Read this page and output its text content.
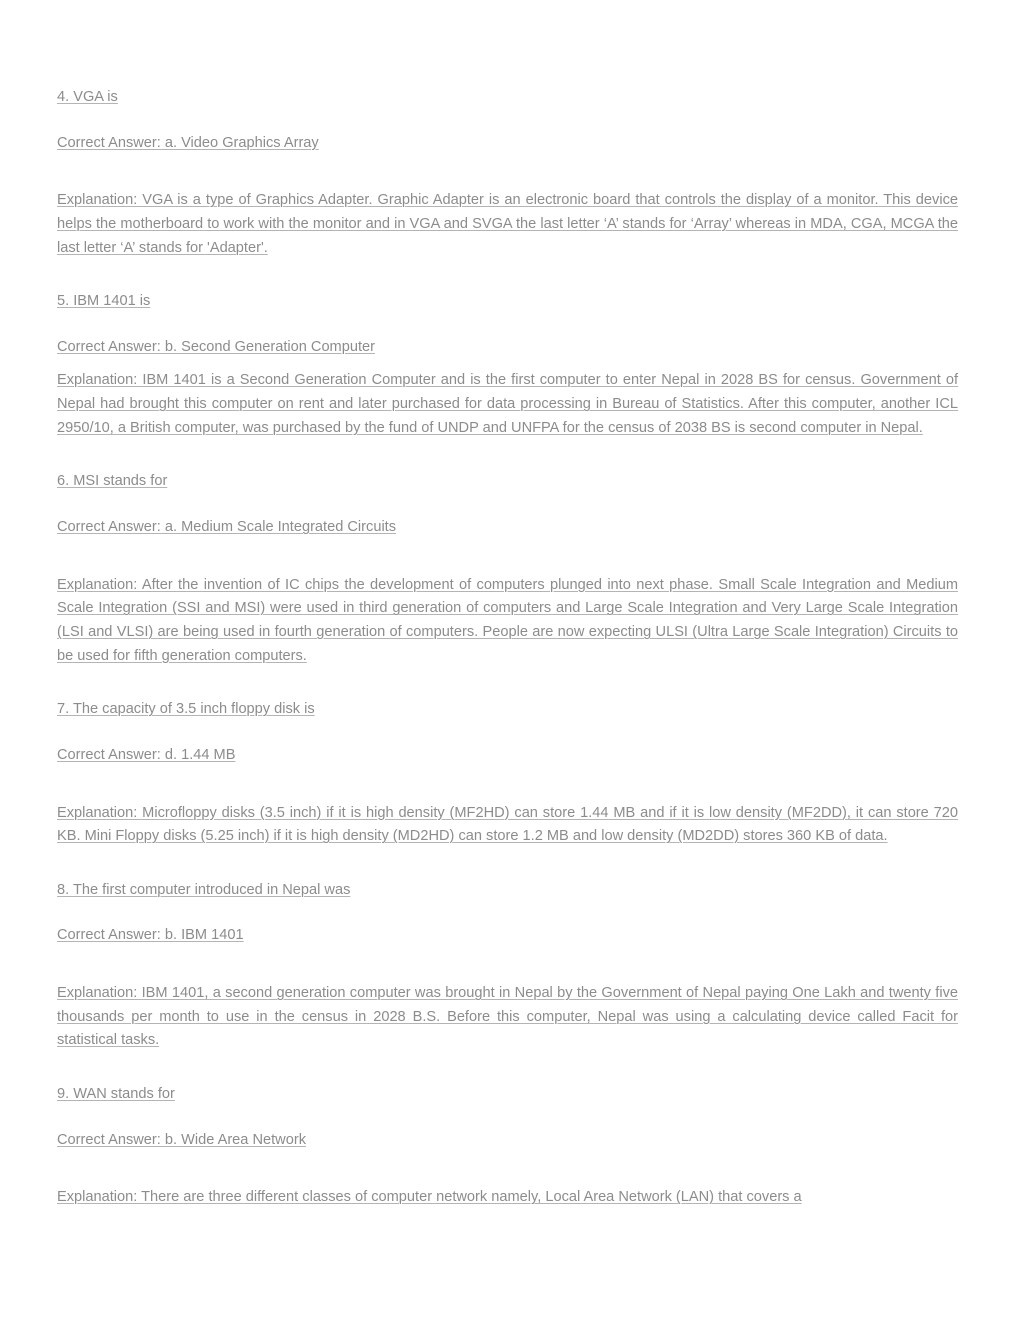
4. VGA is

Correct Answer: a. Video Graphics Array

Explanation: VGA is a type of Graphics Adapter. Graphic Adapter is an electronic board that controls the display of a monitor. This device helps the motherboard to work with the monitor and in VGA and SVGA the last letter ‘A’ stands for ‘Array’ whereas in MDA, CGA, MCGA the last letter ‘A’ stands for 'Adapter'.

5. IBM 1401 is

Correct Answer: b. Second Generation Computer

Explanation: IBM 1401 is a Second Generation Computer and is the first computer to enter Nepal in 2028 BS for census. Government of Nepal had brought this computer on rent and later purchased for data processing in Bureau of Statistics. After this computer, another ICL 2950/10, a British computer, was purchased by the fund of UNDP and UNFPA for the census of 2038 BS is second computer in Nepal.

6. MSI stands for

Correct Answer: a. Medium Scale Integrated Circuits

Explanation: After the invention of IC chips the development of computers plunged into next phase. Small Scale Integration and Medium Scale Integration (SSI and MSI) were used in third generation of computers and Large Scale Integration and Very Large Scale Integration (LSI and VLSI) are being used in fourth generation of computers. People are now expecting ULSI (Ultra Large Scale Integration) Circuits to be used for fifth generation computers.

7. The capacity of 3.5 inch floppy disk is

Correct Answer: d. 1.44 MB

Explanation: Microfloppy disks (3.5 inch) if it is high density (MF2HD) can store 1.44 MB and if it is low density (MF2DD), it can store 720 KB. Mini Floppy disks (5.25 inch) if it is high density (MD2HD) can store 1.2 MB and low density (MD2DD) stores 360 KB of data.

8. The first computer introduced in Nepal was

Correct Answer: b. IBM 1401

Explanation: IBM 1401, a second generation computer was brought in Nepal by the Government of Nepal paying One Lakh and twenty five thousands per month to use in the census in 2028 B.S. Before this computer, Nepal was using a calculating device called Facit for statistical tasks.

9. WAN stands for

Correct Answer: b. Wide Area Network

Explanation: There are three different classes of computer network namely, Local Area Network (LAN) that covers a
